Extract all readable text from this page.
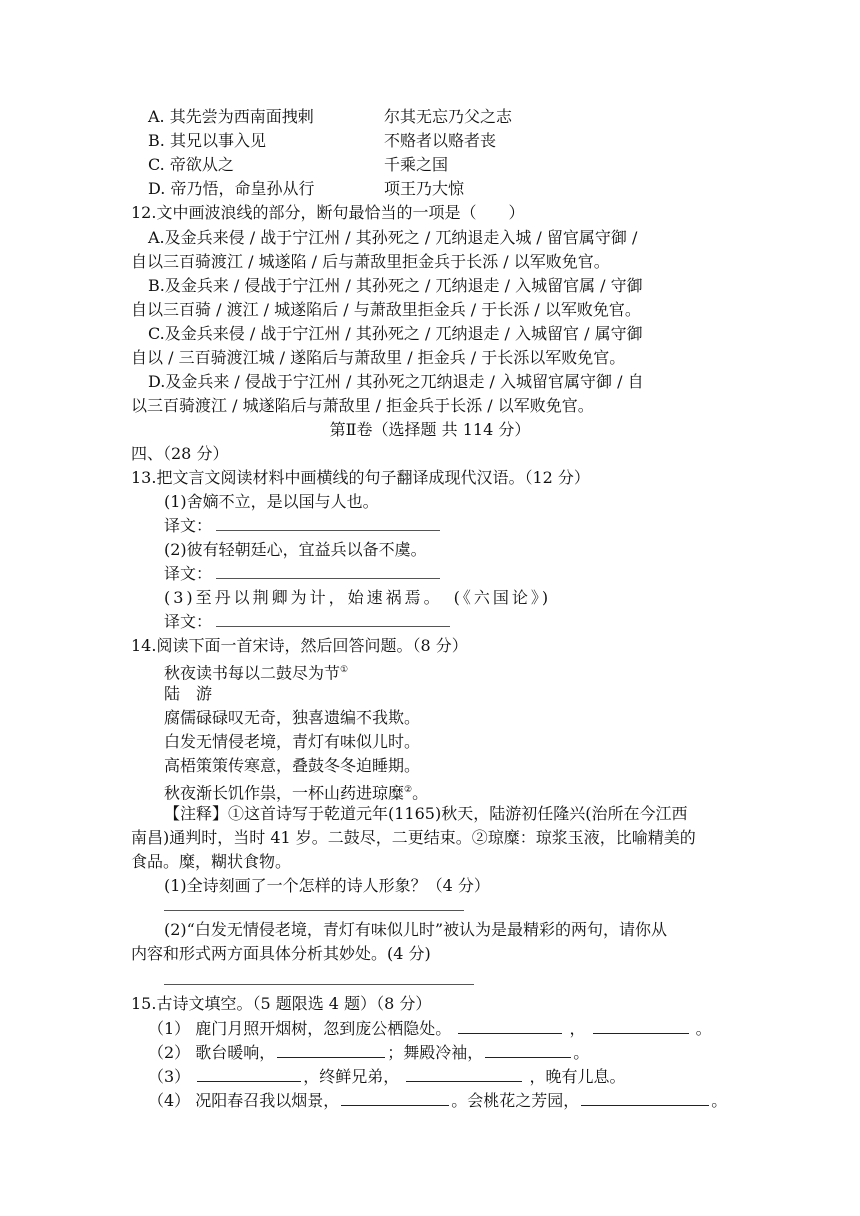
A. 其先尝为西南面拽剌	尔其无忘乃父之志
B. 其兄以事入见	不赂者以赂者丧
C. 帝欲从之	千乘之国
D. 帝乃悟，命皇孙从行	项王乃大惊
12.文中画波浪线的部分，断句最恰当的一项是（　　）
A.及金兵来侵 / 战于宁江州 / 其孙死之 / 兀纳退走入城 / 留官属守御 /
自以三百骑渡江 / 城遂陷 / 后与萧敌里拒金兵于长泺 / 以军败免官。
B.及金兵来 / 侵战于宁江州 / 其孙死之 / 兀纳退走 / 入城留官属 / 守御
自以三百骑 / 渡江 / 城遂陷后 / 与萧敌里拒金兵 / 于长泺 / 以军败免官。
C.及金兵来侵 / 战于宁江州 / 其孙死之 / 兀纳退走 / 入城留官 / 属守御
自以 / 三百骑渡江城 / 遂陷后与萧敌里 / 拒金兵 / 于长泺以军败免官。
D.及金兵来 / 侵战于宁江州 / 其孙死之兀纳退走 / 入城留官属守御 / 自
以三百骑渡江 / 城遂陷后与萧敌里 / 拒金兵于长泺 / 以军败免官。
第Ⅱ卷（选择题 共 114 分）
四、（28 分）
13.把文言文阅读材料中画横线的句子翻译成现代汉语。（12 分）
(1)舍嫡不立，是以国与人也。
译文：
(2)彼有轻朝廷心，宜益兵以备不虞。
译文：
(3)至丹以荆卿为计，始速祸焉。　(《六国论》)
译文：
14.阅读下面一首宋诗，然后回答问题。（8 分）
秋夜读书每以二鼓尽为节①
陆　游
腐儒碌碌叹无奇，独喜遗编不我欺。
白发无情侵老境，青灯有味似儿时。
高梧策策传寒意，叠鼓冬冬迫睡期。
秋夜渐长饥作祟，一杯山药进琼糜②。
【注释】①这首诗写于乾道元年(1165)秋天，陆游初任隆兴(治所在今江西
南昌)通判时，当时 41 岁。二鼓尽，二更结束。②琼糜：琼浆玉液，比喻精美的
食品。糜，糊状食物。
(1)全诗刻画了一个怎样的诗人形象？（4 分）
(2)“白发无情侵老境，青灯有味似儿时”被认为是最精彩的两句，请你从
内容和形式两方面具体分析其妙处。(4 分)
15.古诗文填空。（5 题限选 4 题）（8 分）
（1） 鹿门月照开烟树，忽到庞公栖隐处。	，	。
（2） 歌台暖响，	；舞殿冷袖，	。
（3）	，终鲜兄弟，	，晚有儿息。
（4） 况阳春召我以烟景，	。会桃花之芳园，	。
